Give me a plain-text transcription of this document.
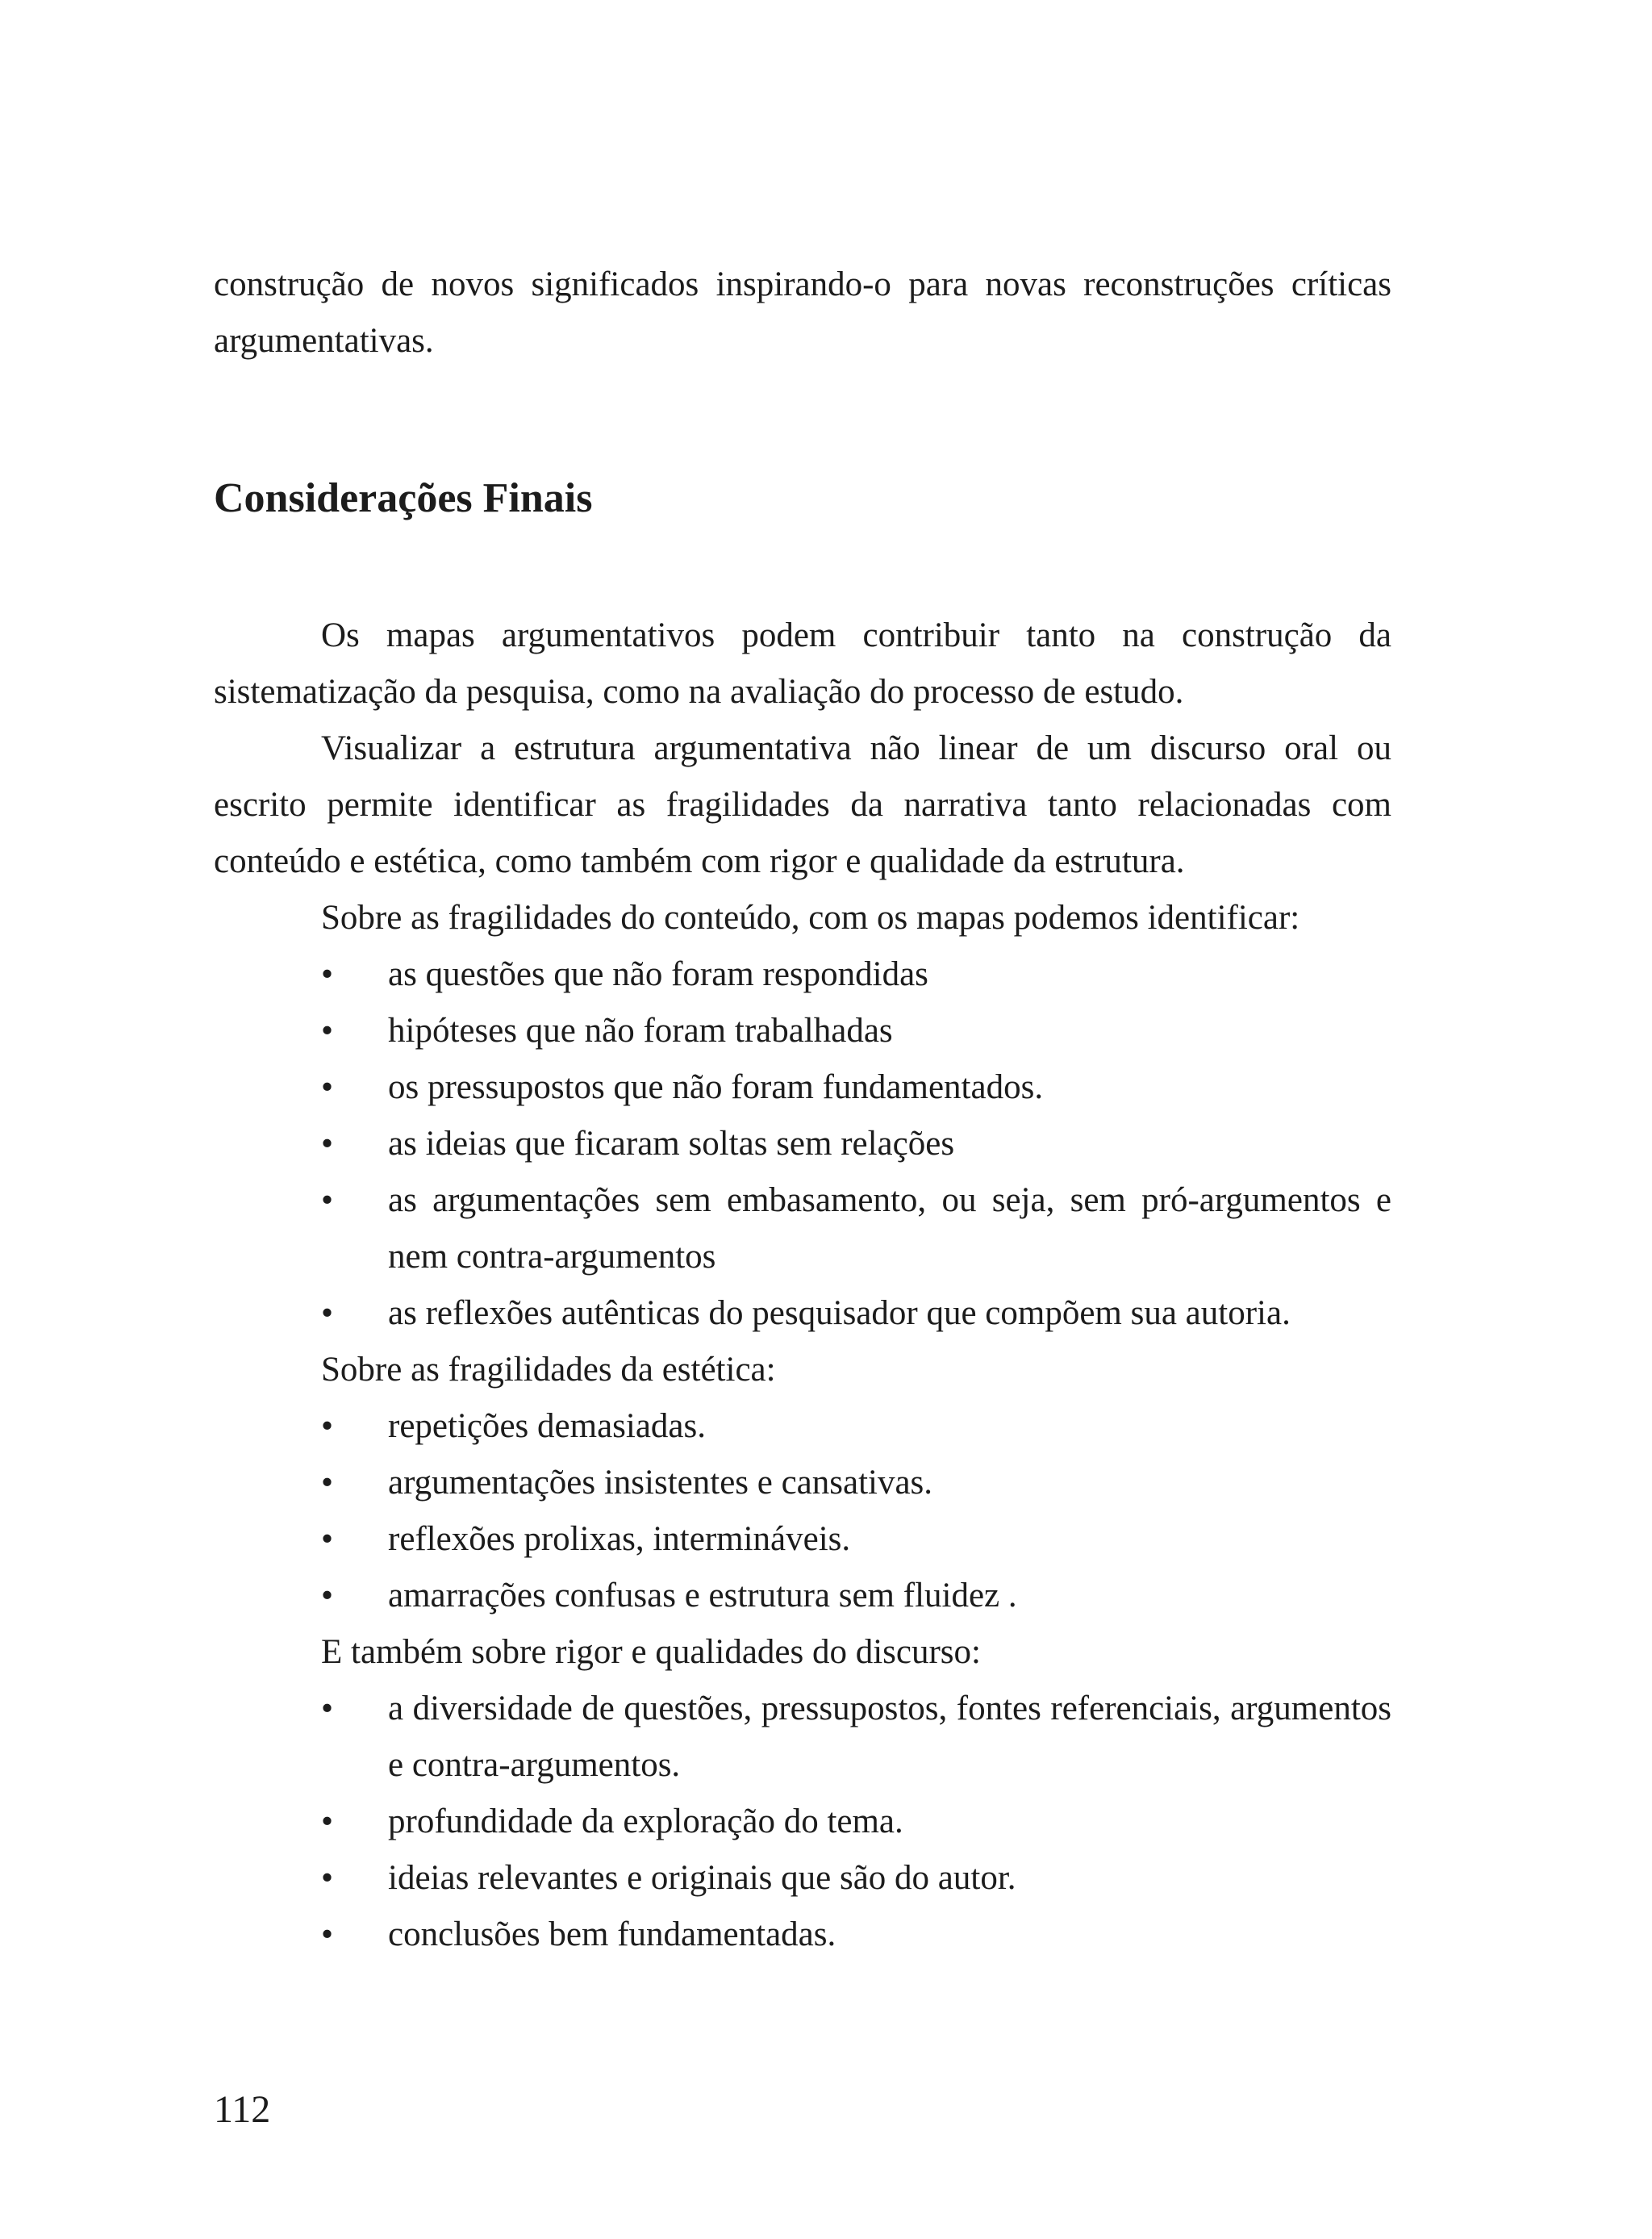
construção de novos significados inspirando-o para novas reconstruções críticas argumentativas.

Considerações Finais

Os mapas argumentativos podem contribuir tanto na construção da sistematização da pesquisa, como na avaliação do processo de estudo.

Visualizar a estrutura argumentativa não linear de um discurso oral ou escrito permite identificar as fragilidades da narrativa tanto relacionadas com conteúdo e estética, como também com rigor e qualidade da estrutura.

Sobre as fragilidades do conteúdo, com os mapas podemos identificar:

• as questões que não foram respondidas
• hipóteses que não foram trabalhadas
• os pressupostos que não foram fundamentados.
• as ideias que ficaram soltas sem relações
• as argumentações sem embasamento, ou seja, sem pró-argumentos e nem contra-argumentos
• as reflexões autênticas do pesquisador que compõem sua autoria.

Sobre as fragilidades da estética:

• repetições demasiadas.
• argumentações insistentes e cansativas.
• reflexões prolixas, intermináveis.
• amarrações confusas e estrutura sem fluidez .

E também sobre rigor e qualidades do discurso:

• a diversidade de questões, pressupostos, fontes referenciais, argumentos e contra-argumentos.
• profundidade da exploração do tema.
• ideias relevantes e originais que são do autor.
• conclusões bem fundamentadas.
112
